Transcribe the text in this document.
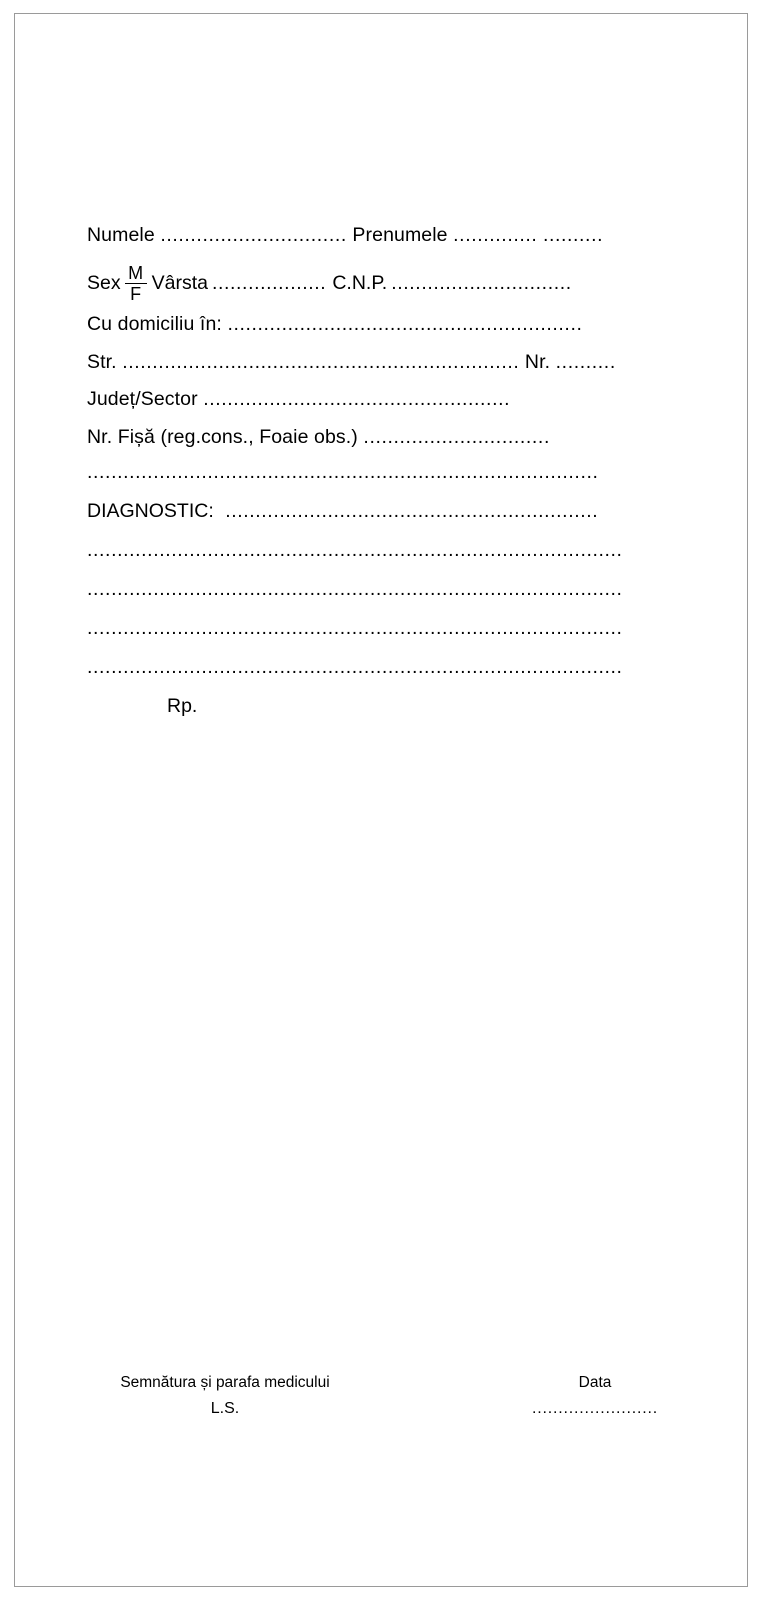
Numele ............................... Prenumele .............. ..........
Sex $\frac{M}{F}$ Vârsta ................... C.N.P. ..............................
Cu domiciliu în: ...........................................................
Str. .................................................................. Nr. ..........
Județ/Sector ...................................................
Nr. Fișă (reg.cons., Foaie obs.) ...............................
.....................................................................................
DIAGNOSTIC: ..............................................................
.........................................................................................
.........................................................................................
.........................................................................................
.........................................................................................
Rp.
Semnătura și parafa medicului
L.S.
Data
........................
